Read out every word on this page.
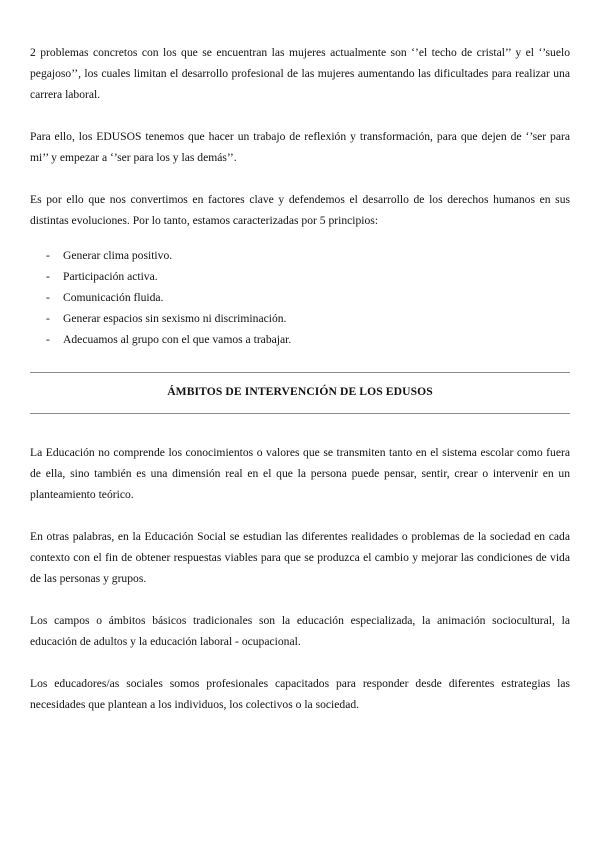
2 problemas concretos con los que se encuentran las mujeres actualmente son ‘’el techo de cristal’’ y el ‘’suelo pegajoso’’, los cuales limitan el desarrollo profesional de las mujeres aumentando las dificultades para realizar una carrera laboral.

Para ello, los EDUSOS tenemos que hacer un trabajo de reflexión y transformación, para que dejen de ‘’ser para mi’’ y empezar a ‘’ser para los y las demás’’.

Es por ello que nos convertimos en factores clave y defendemos el desarrollo de los derechos humanos en sus distintas evoluciones. Por lo tanto, estamos caracterizadas por 5 principios:

-	Generar clima positivo.
-	Participación activa.
-	Comunicación fluida.
-	Generar espacios sin sexismo ni discriminación.
-	Adecuamos al grupo con el que vamos a trabajar.
ÁMBITOS DE INTERVENCIÓN DE LOS EDUSOS

La Educación no comprende los conocimientos o valores que se transmiten tanto en el sistema escolar como fuera de ella, sino también es una dimensión real en el que la persona puede pensar, sentir, crear o intervenir en un planteamiento teórico.

En otras palabras, en la Educación Social se estudian las diferentes realidades o problemas de la sociedad en cada contexto con el fin de obtener respuestas viables para que se produzca el cambio y mejorar las condiciones de vida de las personas y grupos.

Los campos o ámbitos básicos tradicionales son la educación especializada, la animación sociocultural, la educación de adultos y la educación laboral - ocupacional.

Los educadores/as sociales somos profesionales capacitados para responder desde diferentes estrategias las necesidades que plantean a los individuos, los colectivos o la sociedad.
